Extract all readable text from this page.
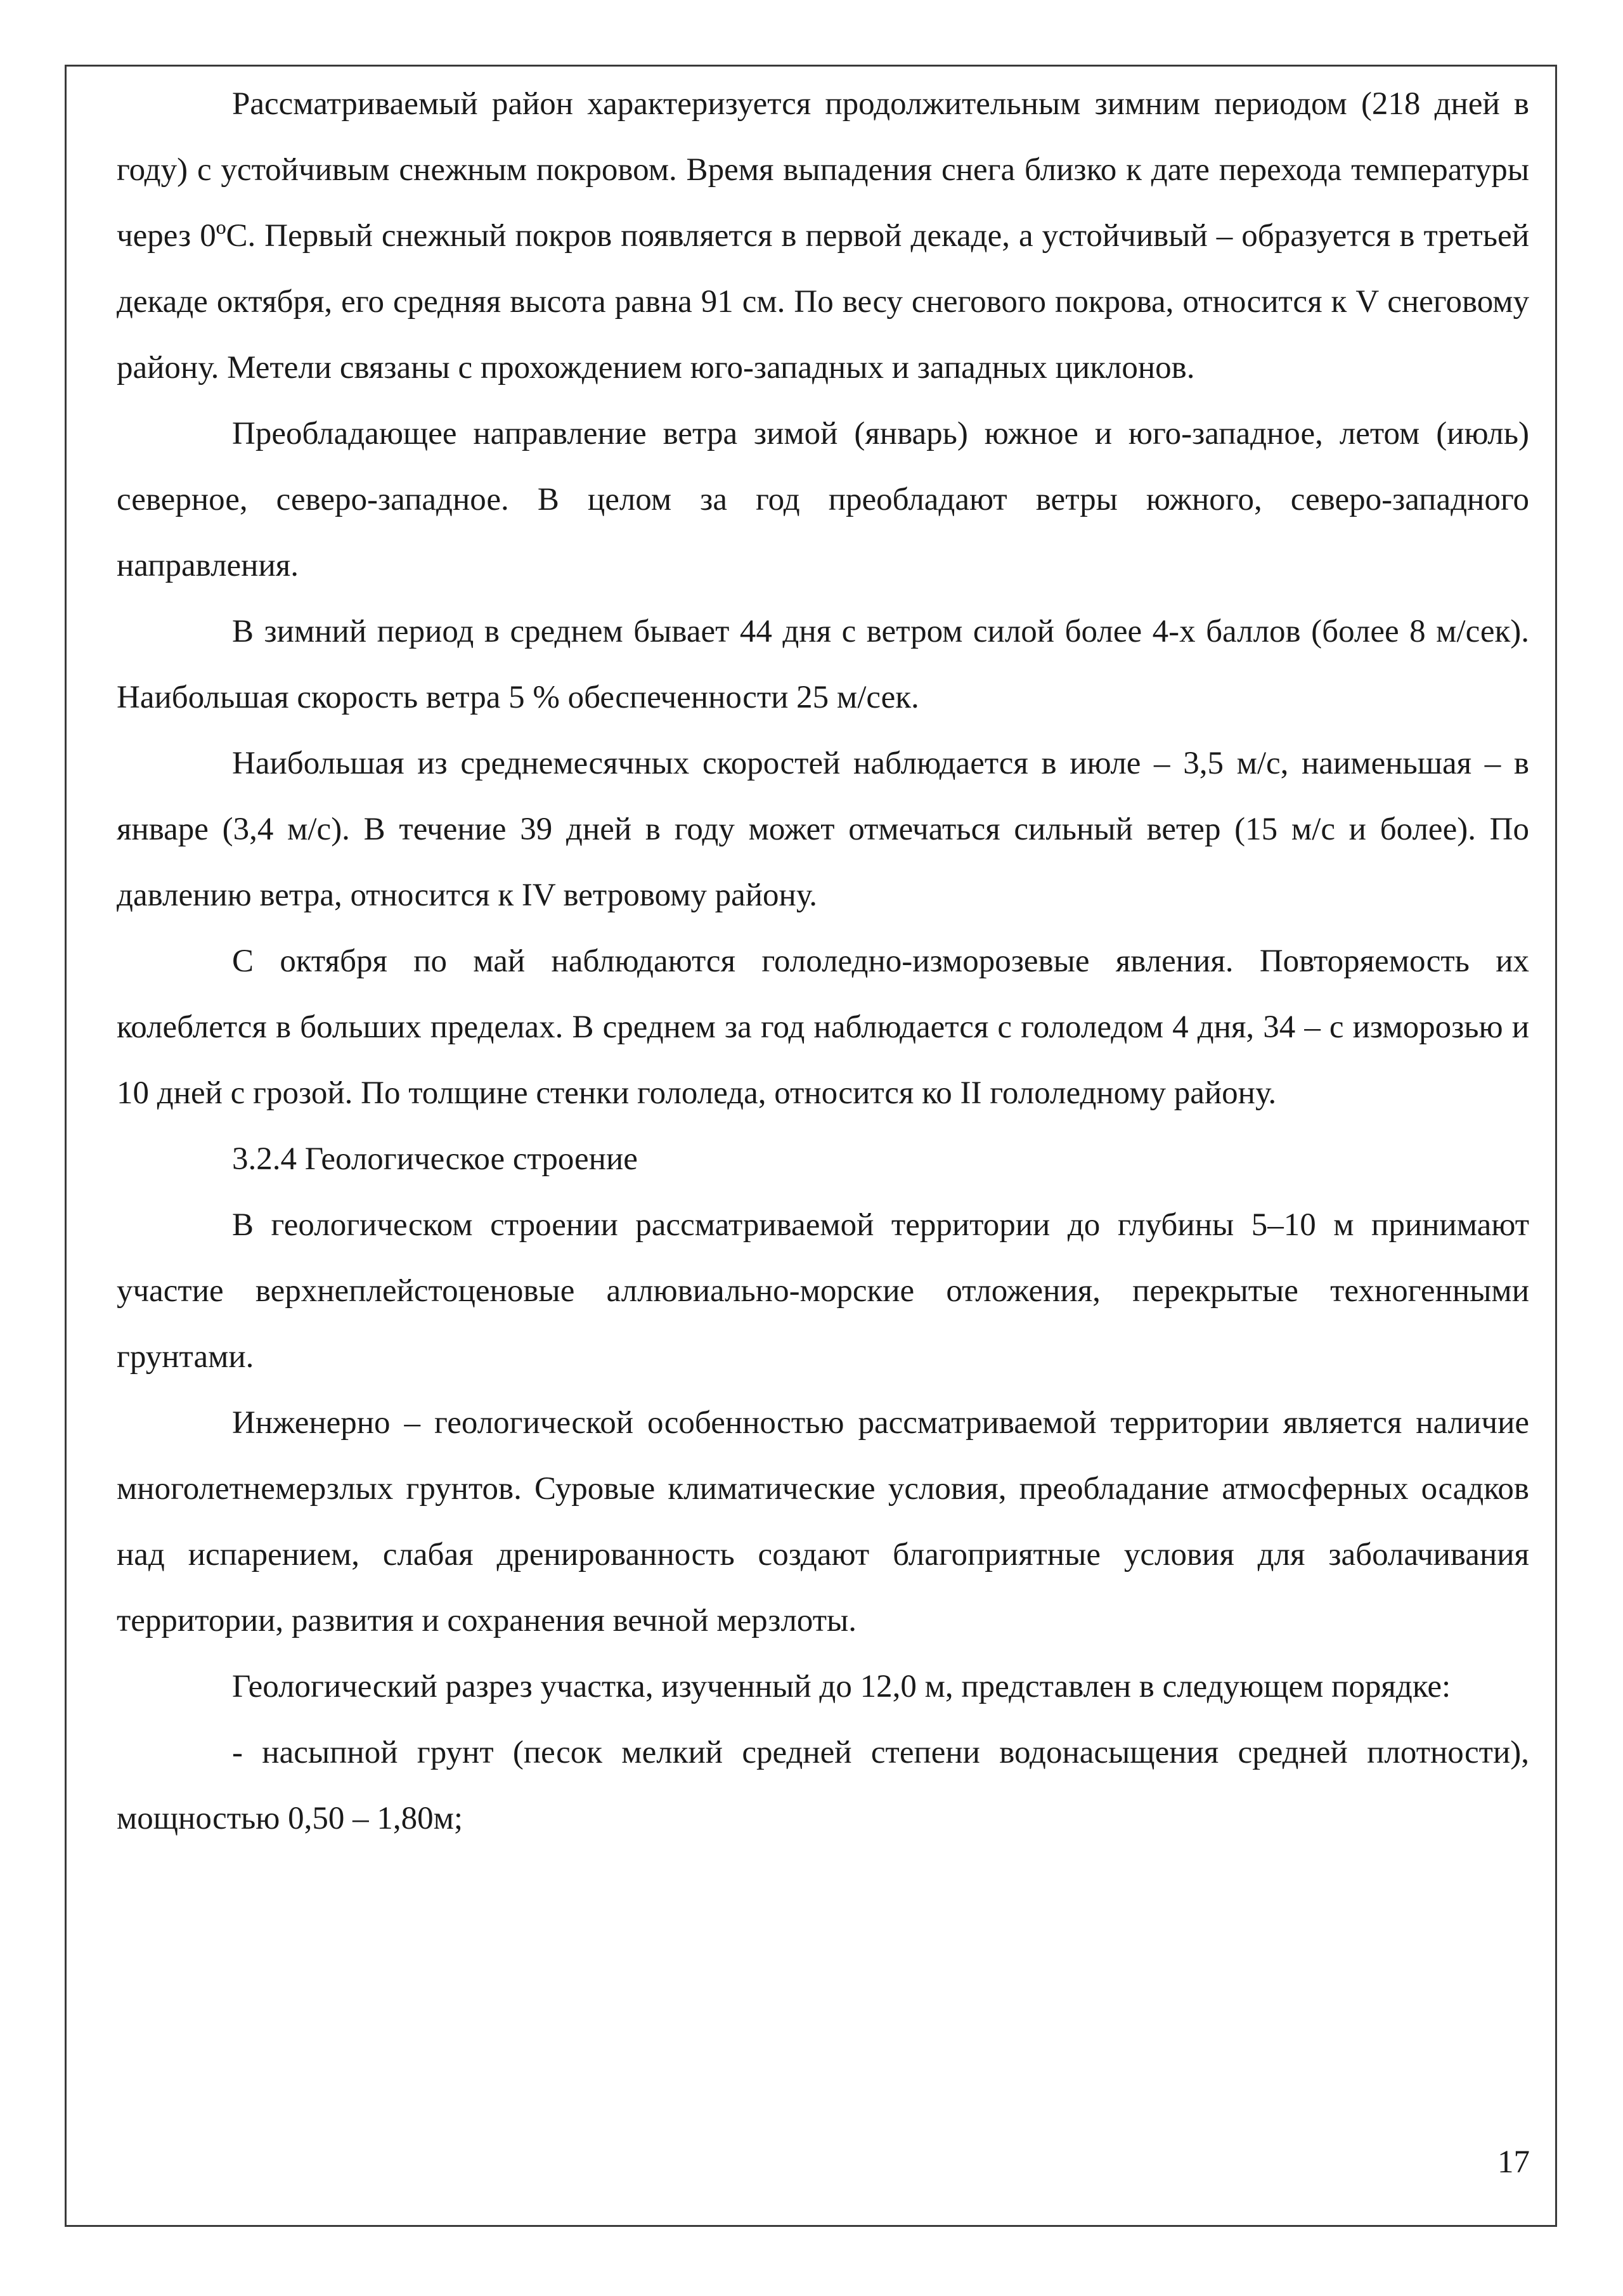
Рассматриваемый район характеризуется продолжительным зимним периодом (218 дней в году) с устойчивым снежным покровом. Время выпадения снега близко к дате перехода температуры через 0ºС. Первый снежный покров появляется в первой декаде, а устойчивый – образуется в третьей декаде октября, его средняя высота равна 91 см. По весу снегового покрова, относится к V снеговому району. Метели связаны с прохождением юго-западных и западных циклонов.

Преобладающее направление ветра зимой (январь) южное и юго-западное, летом (июль) северное, северо-западное. В целом за год преобладают ветры южного, северо-западного направления.

В зимний период в среднем бывает 44 дня с ветром силой более 4-х баллов (более 8 м/сек). Наибольшая скорость ветра 5 % обеспеченности 25 м/сек.

Наибольшая из среднемесячных скоростей наблюдается в июле – 3,5 м/с, наименьшая – в январе (3,4 м/с). В течение 39 дней в году может отмечаться сильный ветер (15 м/с и более). По давлению ветра, относится к IV ветровому району.

С октября по май наблюдаются гололедно-изморозевые явления. Повторяемость их колеблется в больших пределах. В среднем за год наблюдается с гололедом 4 дня, 34 – с изморозью и 10 дней с грозой. По толщине стенки гололеда, относится ко II гололедному району.

3.2.4 Геологическое строение

В геологическом строении рассматриваемой территории до глубины 5–10 м принимают участие верхнеплейстоценовые аллювиально-морские отложения, перекрытые техногенными грунтами.

Инженерно – геологической особенностью рассматриваемой территории является наличие многолетнемерзлых грунтов. Суровые климатические условия, преобладание атмосферных осадков над испарением, слабая дренированность создают благоприятные условия для заболачивания территории, развития и сохранения вечной мерзлоты.

Геологический разрез участка, изученный до 12,0 м, представлен в следующем порядке:

- насыпной грунт (песок мелкий средней степени водонасыщения средней плотности), мощностью 0,50 – 1,80м;

17
